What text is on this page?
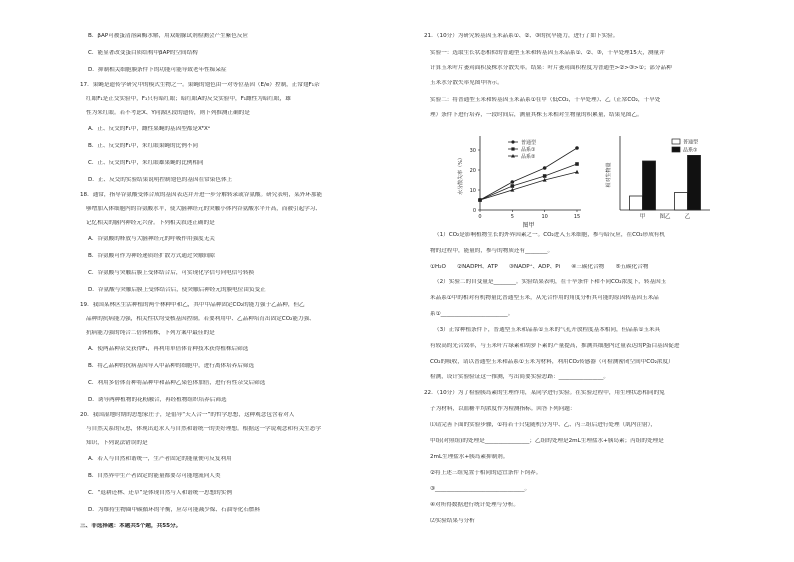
B．βAP可被蛋清溶菌酶水解，用双缩脲试剂检测会产生紫色反应
C．能显著改变蛋白质结构中βAP的空间结构
D．抑制相关细胞膜条件下的功能可能导致老年性痴呆症
17．果蝇是遗传学研究中的模式生物之一。果蝇的翅色由一对等位基因（E/e）控制，正常翅F₁杂
红眼F₁是正交实验中，F₁只有暗红眼；暗红眼A的反交实验中，F₁雌性为暗红眼，雄
性为朱红眼。若不考虑X、Y同源区段的遗传，则下列推测正确的是
A．正、反交的F₁中，雌性果蝇的基因型都是XᴱXᵉ
B．正、反交的F₁中，朱红眼果蝇的比例不同
C．正、反交的F₁中，朱红眼雄果蝇的比例相同
D．正、反交的实验结果说明控制翅色的基因在常染色体上
18．通常，指导谷氨酸受体合成的基因表达并开进一步分解转录或谷氨酸。研究表明，某外环那能
够增加入体细胞内的谷氨酸水平，使大脑神经元的突触小体内谷氨酸水平升高，而被引起学习、
记忆相关的脑内神经元兴奋。下列相关叙述正确的是
A．谷氨酸的释放与大脑神经元的呼吸作用强度无关
B．谷氨酸可作为神经递质经扩散方式通过突触间隙
C．谷氨酸与突触后膜上受体结合后，可实现化学信号向电信号转换
D．谷氨酸与突触后膜上受体结合后，使突触后神经元的膜电位由负变正
19．我国某林区生活种植的两个林种甲和乙，其中甲品种固定CO₂的能力强于乙品种，但乙
品种的抗病能力强，相关性状均受核基因控制。若要利用甲、乙品种培育出固定CO₂能力强、
抗病能力强的纯合二倍体植株，下列方案中最佳的是
A．使两品种杂交获得F₁，再利用单倍体育种技术获得植株后筛选
B．将乙品种的抗病基因导入甲品种的细胞中，进行离体培养后筛选
C．利用多倍体育种将品种甲和品种乙染色体加倍，进行有性杂交后筛选
D．诱导两种植物的花粉融合，再经植物组织培养后筛选
20．我国湿地时期的思想家庄子，是倡导“天人合一”的哲学思想，这种观念包含着对人
与自然关系的反思，体现出追求人与自然和谐统一的美好理想。根据这一学说观念和有关生态学
知识，下列说法错误的是
A．若人与自然和谐统一，生产者固定的能量便可反复利用
B．自然界中生产者固定的能量都要尽可能地流向人类
C．“退耕还林、还草”是体现自然与人和谐统一思想的实例
D．为维持生物圈中碳循环的平衡，应尽可能减少煤、石油等化石燃料
三、非选择题：本题共5个题，共55分。
21．（10分）为研究转基因玉米品系①、②、③的抗旱能力，进行了如下实验。
实验一：选取生长状态相似的普通型玉米和转基因玉米品系①、②、③，干旱处理15天，测量并
计算玉米叶片萎蔫面积及株水分散失率。结果：叶片萎蔫面积程度为普通型>②>③>①；部分品种
玉米水分散失率见图甲所示。
实验二：将普通型玉米和转基因玉米品系①在甲（低CO₂，干旱处理）、乙（正常CO₂，干旱处
理）条件下进行培养，一段时间后，测量其株玉米相对生物量的积累量，结果见图乙。
（1）CO₂是影响植物生长的外界因素之一。CO₂进入玉米细胞，参与暗反应，在CO₂形成有机
物的过程中，能量的，参与的物质还有________。
①H₂O　　②NADPH、ATP　　③NADP⁺、ADP、Pi　　④三碳化合物　　⑤五碳化合物
（2）实验二的自变量是________。实验结果表明，在干旱条件下和不同CO₂浓度下，转基因玉
米品系①中的相对有机物量比普通型玉米，从光合作用的角度分析其可能的原因转基因玉米品
系①________________________。
（3）正常种植条件下，普通型玉米和品系①玉米的气孔开放程度基本相同，但品系①玉米具
有较高的光合效率，与玉米叶片绿素和胡萝卜素的产量提高，推测其细胞内过量表达的P蛋白基因促进
CO₂的吸收，请以普通型玉米和品系①玉米为材料，利用CO₂传感器（可检测密闭空间中CO₂浓度）
检测，设计实验验证这一推测，写出简要实验思路：________________。
22．（10分）为了检验胰岛素的生理作用，某同学进行实验。在实验过程中，用生理状态相同的兔
子为材料，以血糖平均浓度作为检测指标。回答下列问题：
⑴请完善下面的实验步骤，①将若干只兔随机分为甲、乙、丙三组后进行处理（肌内注射），
甲组(对照组)的处理是________________；乙组的处理是2mL生理盐水+胰岛素；丙组的处理是
2mL生理盐水+胰岛素抑制剂。
②将上述三组兔置于相同的适宜条件下饲养。
③________________________________。
④对所得数据进行统计处理与分析。
⑵实验结果与分析
0	5	10	15
0
10
20
30
水分散失率（%）
图甲
普通型
品系①
品系②
相对生物量
甲	乙
图乙
普通型
品系①
